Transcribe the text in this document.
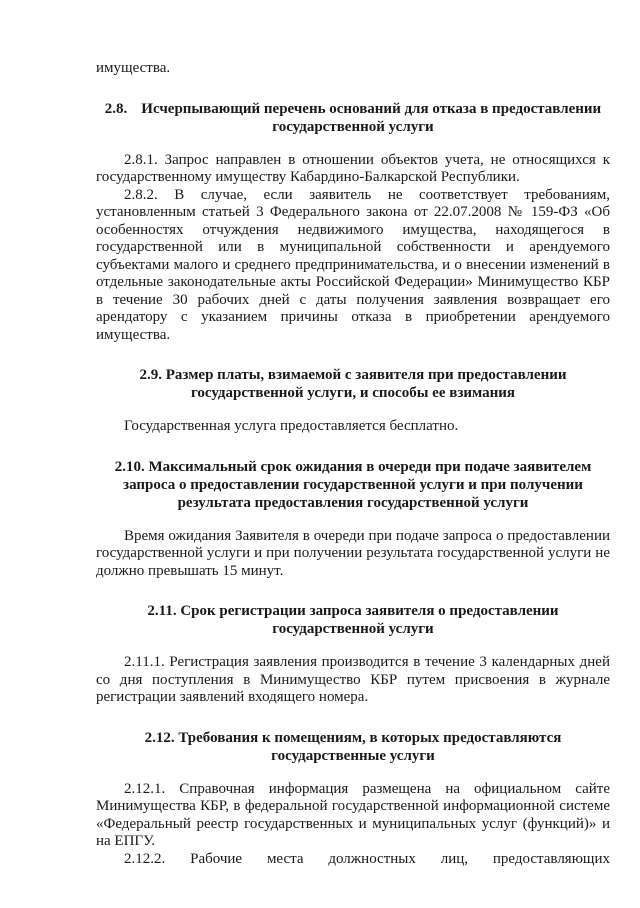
имущества.

2.8. Исчерпывающий перечень оснований для отказа в предоставлении
государственной услуги

2.8.1. Запрос направлен в отношении объектов учета, не относящихся к государственному имуществу Кабардино-Балкарской Республики.

2.8.2. В случае, если заявитель не соответствует требованиям, установленным статьей 3 Федерального закона от 22.07.2008 № 159-ФЗ «Об особенностях отчуждения недвижимого имущества, находящегося в государственной или в муниципальной собственности и арендуемого субъектами малого и среднего предпринимательства, и о внесении изменений в отдельные законодательные акты Российской Федерации» Минимущество КБР в течение 30 рабочих дней с даты получения заявления возвращает его арендатору с указанием причины отказа в приобретении арендуемого имущества.

2.9. Размер платы, взимаемой с заявителя при предоставлении
государственной услуги, и способы ее взимания

Государственная услуга предоставляется бесплатно.

2.10. Максимальный срок ожидания в очереди при подаче заявителем
запроса о предоставлении государственной услуги и при получении
результата предоставления государственной услуги

Время ожидания Заявителя в очереди при подаче запроса о предоставлении государственной услуги и при получении результата государственной услуги не должно превышать 15 минут.

2.11. Срок регистрации запроса заявителя о предоставлении
государственной услуги

2.11.1. Регистрация заявления производится в течение 3 календарных дней со дня поступления в Минимущество КБР путем присвоения в журнале регистрации заявлений входящего номера.

2.12. Требования к помещениям, в которых предоставляются
государственные услуги

2.12.1. Справочная информация размещена на официальном сайте Минимущества КБР, в федеральной государственной информационной системе «Федеральный реестр государственных и муниципальных услуг (функций)» и на ЕПГУ.

2.12.2. Рабочие места должностных лиц, предоставляющих
